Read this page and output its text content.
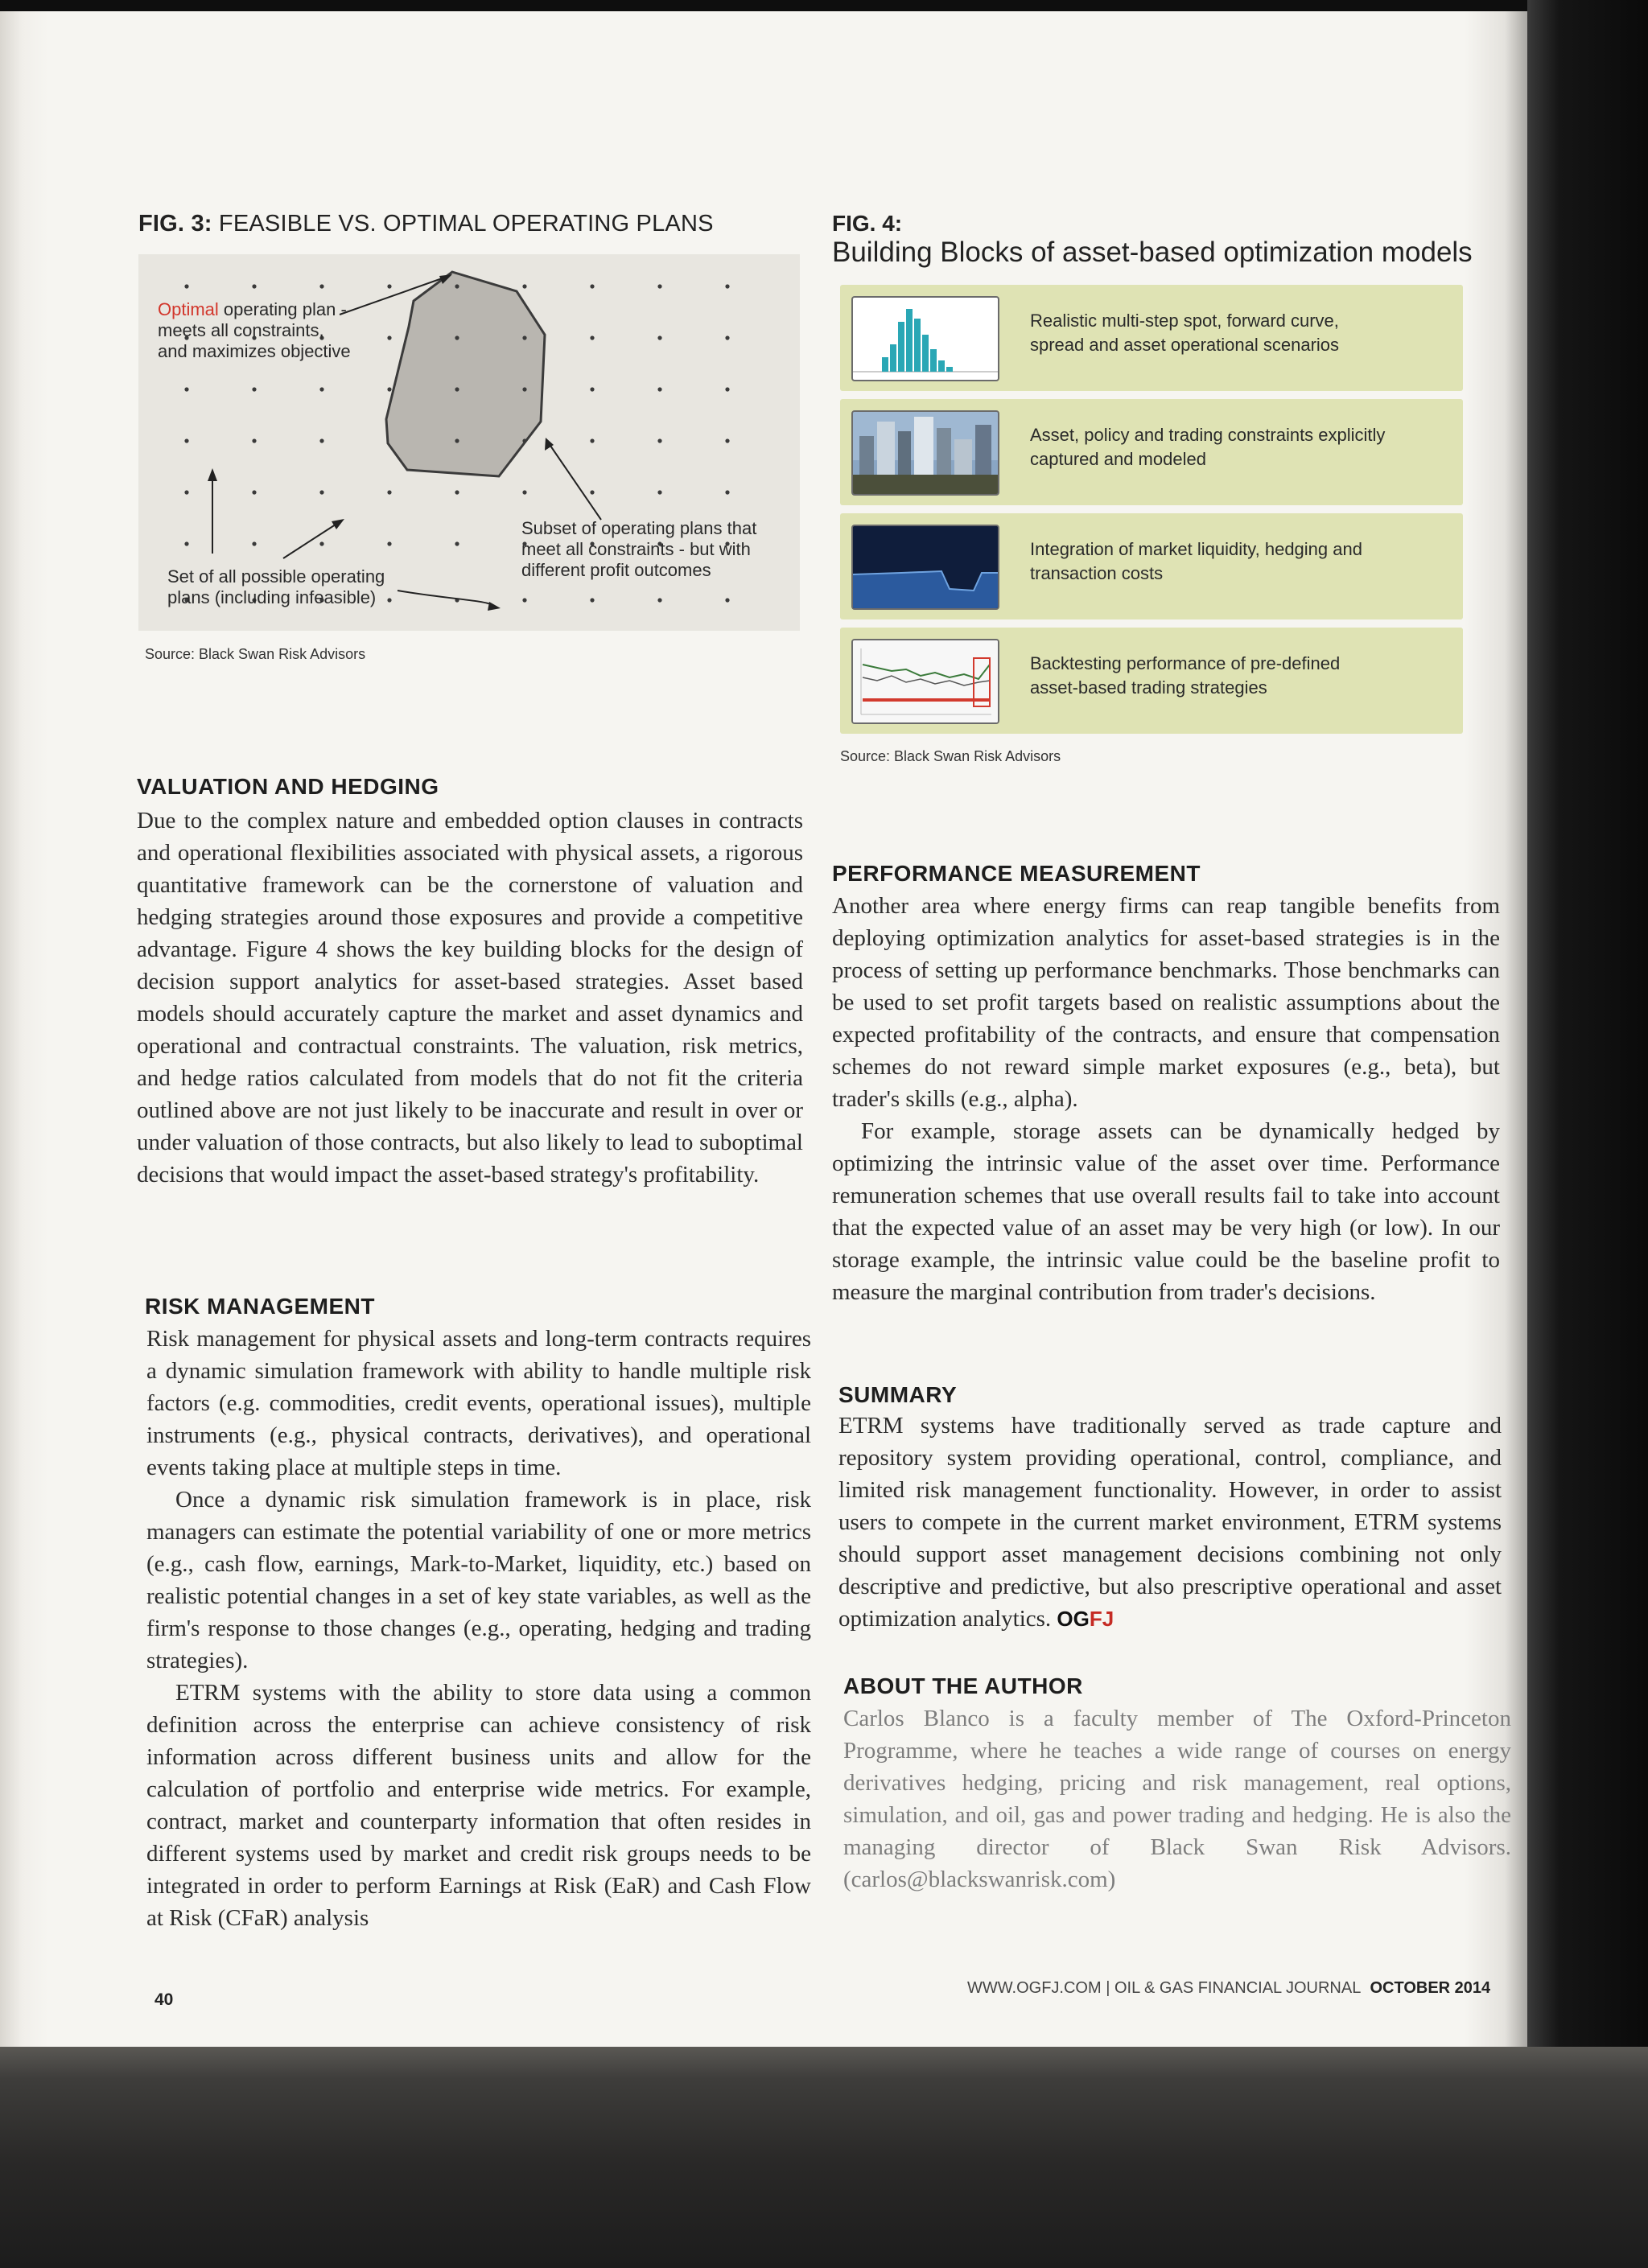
FIG. 3: FEASIBLE VS. OPTIMAL OPERATING PLANS
Optimal operating plan -
meets all constraints,
and maximizes objective
Subset of operating plans that
meet all constraints - but with
different profit outcomes
Set of all possible operating
plans (including infeasible)
Source: Black Swan Risk Advisors
FIG. 4:
Building Blocks of asset-based optimization models
Realistic multi-step spot, forward curve,
spread and asset operational scenarios
Asset, policy and trading constraints explicitly
captured and modeled
Integration of market liquidity, hedging and
transaction costs
Backtesting performance of pre-defined
asset-based trading strategies
Source: Black Swan Risk Advisors
VALUATION AND HEDGING

Due to the complex nature and embedded option clauses in contracts and operational flexibilities associated with physical assets, a rigorous quantitative framework can be the cornerstone of valuation and hedging strategies around those exposures and provide a competitive advantage. Figure 4 shows the key building blocks for the design of decision support analytics for asset-based strategies. Asset based models should accurately capture the market and asset dynamics and operational and contractual constraints. The valuation, risk metrics, and hedge ratios calculated from models that do not fit the criteria outlined above are not just likely to be inaccurate and result in over or under valuation of those contracts, but also likely to lead to suboptimal decisions that would impact the asset-based strategy's profitability.

RISK MANAGEMENT

Risk management for physical assets and long-term contracts requires a dynamic simulation framework with ability to handle multiple risk factors (e.g. commodities, credit events, operational issues), multiple instruments (e.g., physical contracts, derivatives), and operational events taking place at multiple steps in time.

Once a dynamic risk simulation framework is in place, risk managers can estimate the potential variability of one or more metrics (e.g., cash flow, earnings, Mark-to-Market, liquidity, etc.) based on realistic potential changes in a set of key state variables, as well as the firm's response to those changes (e.g., operating, hedging and trading strategies).

ETRM systems with the ability to store data using a common definition across the enterprise can achieve consistency of risk information across different business units and allow for the calculation of portfolio and enterprise wide metrics. For example, contract, market and counterparty information that often resides in different systems used by market and credit risk groups needs to be integrated in order to perform Earnings at Risk (EaR) and Cash Flow at Risk (CFaR) analysis

PERFORMANCE MEASUREMENT

Another area where energy firms can reap tangible benefits from deploying optimization analytics for asset-based strategies is in the process of setting up performance benchmarks. Those benchmarks can be used to set profit targets based on realistic assumptions about the expected profitability of the contracts, and ensure that compensation schemes do not reward simple market exposures (e.g., beta), but trader's skills (e.g., alpha).

For example, storage assets can be dynamically hedged by optimizing the intrinsic value of the asset over time. Performance remuneration schemes that use overall results fail to take into account that the expected value of an asset may be very high (or low). In our storage example, the intrinsic value could be the baseline profit to measure the marginal contribution from trader's decisions.

SUMMARY

ETRM systems have traditionally served as trade capture and repository system providing operational, control, compliance, and limited risk management functionality. However, in order to assist users to compete in the current market environment, ETRM systems should support asset management decisions combining not only descriptive and predictive, but also prescriptive operational and asset optimization analytics. OGFJ

ABOUT THE AUTHOR

Carlos Blanco is a faculty member of The Oxford-Princeton Programme, where he teaches a wide range of courses on energy derivatives hedging, pricing and risk management, real options, simulation, and oil, gas and power trading and hedging. He is also the managing director of Black Swan Risk Advisors. (carlos@blackswanrisk.com)

40
WWW.OGFJ.COM | OIL & GAS FINANCIAL JOURNAL OCTOBER 2014
